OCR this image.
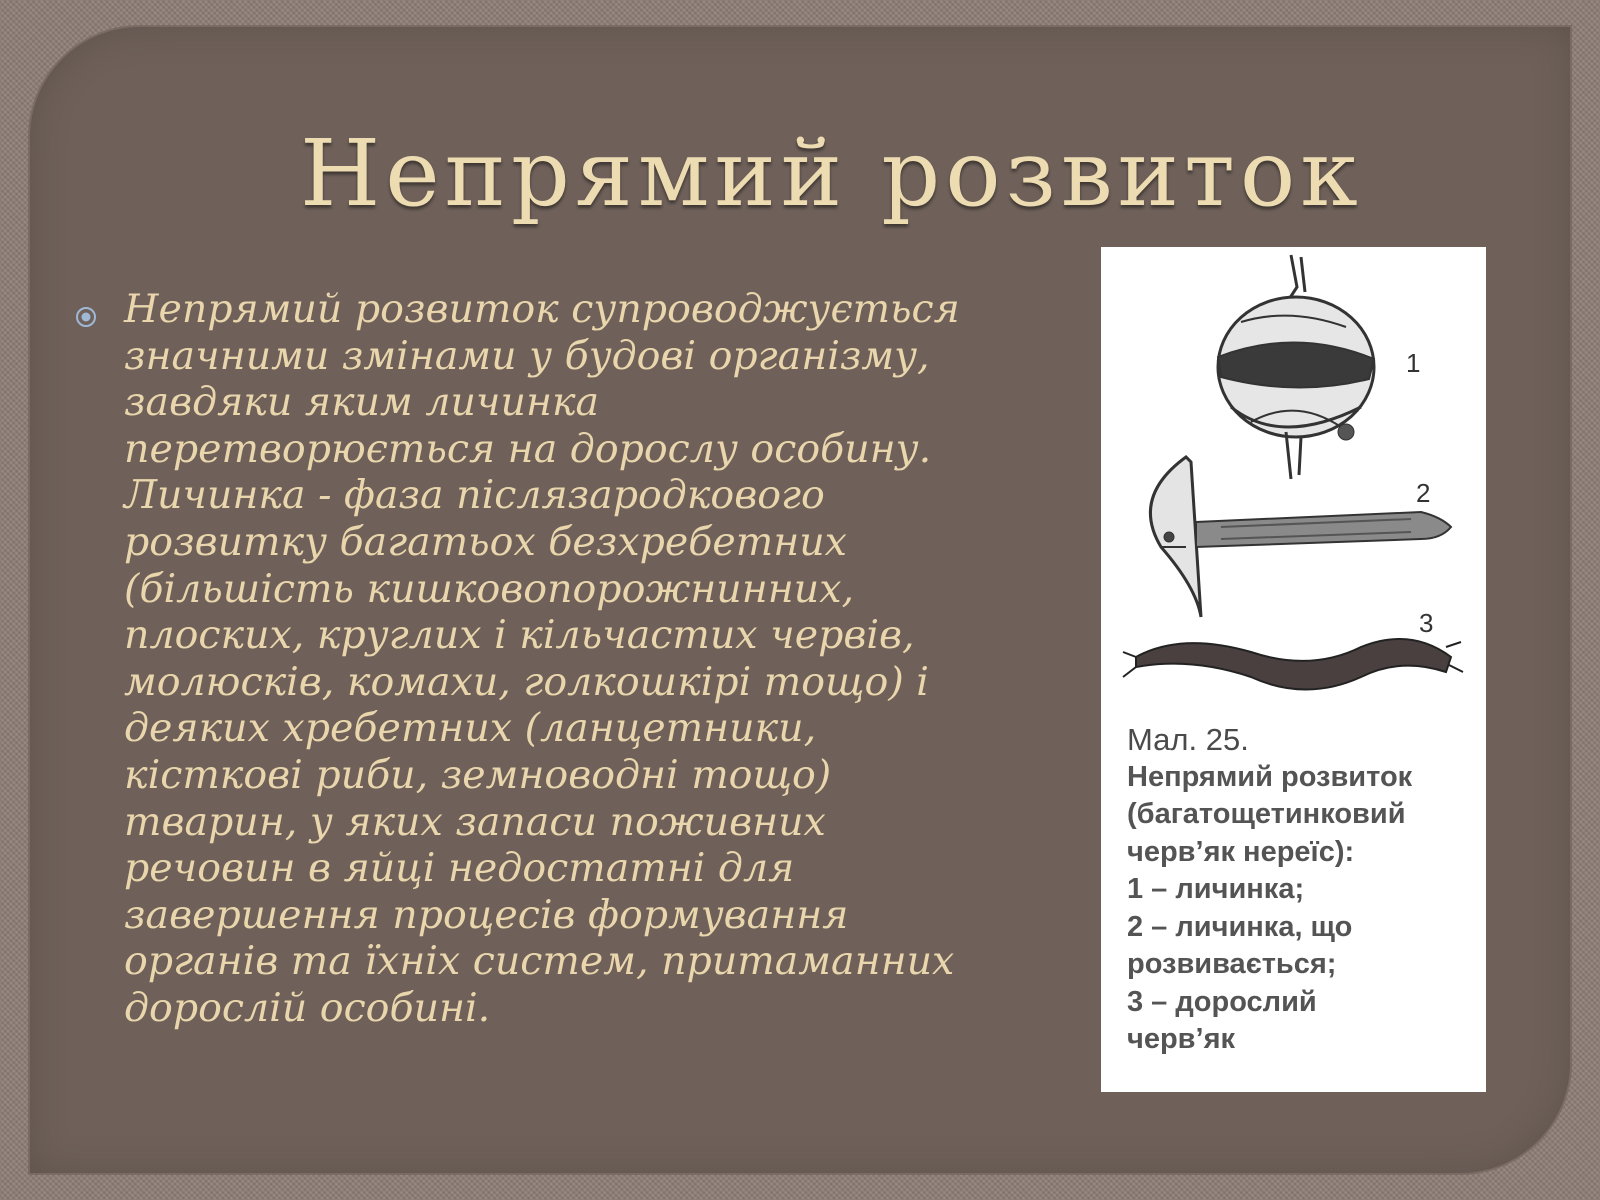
Непрямий розвиток

Непрямий розвиток супроводжується
значними змінами у будові організму,
завдяки яким личинка
перетворюється на дорослу особину.
Личинка - фаза післязародкового
розвитку багатьох безхребетних
(більшість кишковопорожнинних,
плоских, круглих і кільчастих червів,
молюсків, комахи, голкошкірі тощо) і
деяких хребетних (ланцетники,
кісткові риби, земноводні тощо)
тварин, у яких запаси поживних
речовин в яйці недостатні для
завершення процесів формування
органів та їхніх систем, притаманних
дорослій особині.

1
2
3
Мал. 25.
Непрямий розвиток
(багатощетинковий
черв’як нереїс):
1 – личинка;
2 – личинка, що
розвивається;
3 – дорослий
черв’як
